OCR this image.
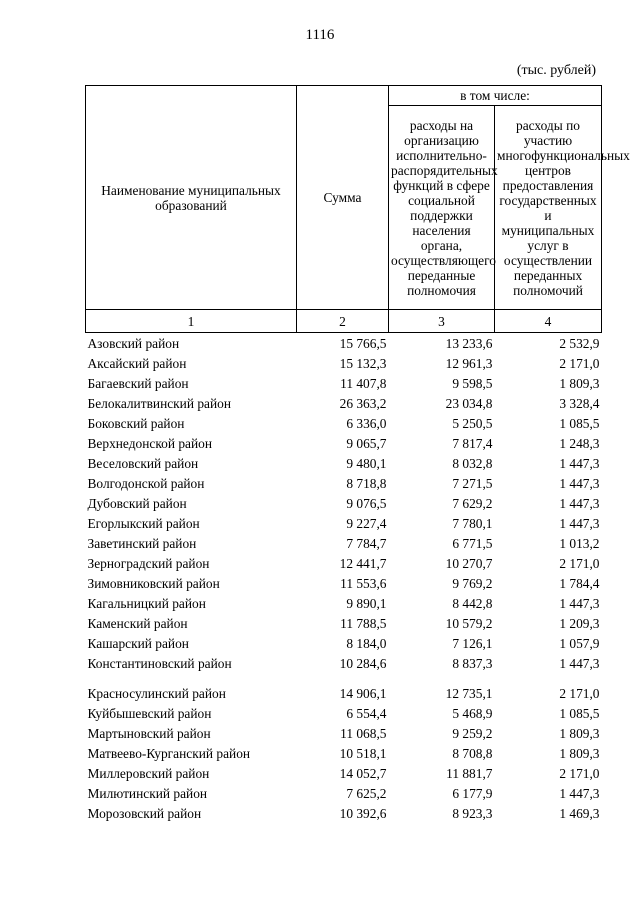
1116
(тыс. рублей)
Наименование муниципальных образований	Сумма	в том числе:	
		расходы на организацию исполнительно-распорядительных функций в сфере социальной поддержки населения органа, осуществляющего переданные полномочия	расходы по участию многофункциональных центров предоставления государственных и муниципальных услуг в осуществлении переданных полномочий
1	2	3	4
Азовский район	15 766,5	13 233,6	2 532,9
Аксайский район	15 132,3	12 961,3	2 171,0
Багаевский район	11 407,8	9 598,5	1 809,3
Белокалитвинский район	26 363,2	23 034,8	3 328,4
Боковский район	6 336,0	5 250,5	1 085,5
Верхнедонской район	9 065,7	7 817,4	1 248,3
Веселовский район	9 480,1	8 032,8	1 447,3
Волгодонской район	8 718,8	7 271,5	1 447,3
Дубовский район	9 076,5	7 629,2	1 447,3
Егорлыкский район	9 227,4	7 780,1	1 447,3
Заветинский район	7 784,7	6 771,5	1 013,2
Зерноградский район	12 441,7	10 270,7	2 171,0
Зимовниковский район	11 553,6	9 769,2	1 784,4
Кагальницкий район	9 890,1	8 442,8	1 447,3
Каменский район	11 788,5	10 579,2	1 209,3
Кашарский район	8 184,0	7 126,1	1 057,9
Константиновский район	10 284,6	8 837,3	1 447,3
Красносулинский район	14 906,1	12 735,1	2 171,0
Куйбышевский район	6 554,4	5 468,9	1 085,5
Мартыновский район	11 068,5	9 259,2	1 809,3
Матвеево-Курганский район	10 518,1	8 708,8	1 809,3
Миллеровский район	14 052,7	11 881,7	2 171,0
Милютинский район	7 625,2	6 177,9	1 447,3
Морозовский район	10 392,6	8 923,3	1 469,3
